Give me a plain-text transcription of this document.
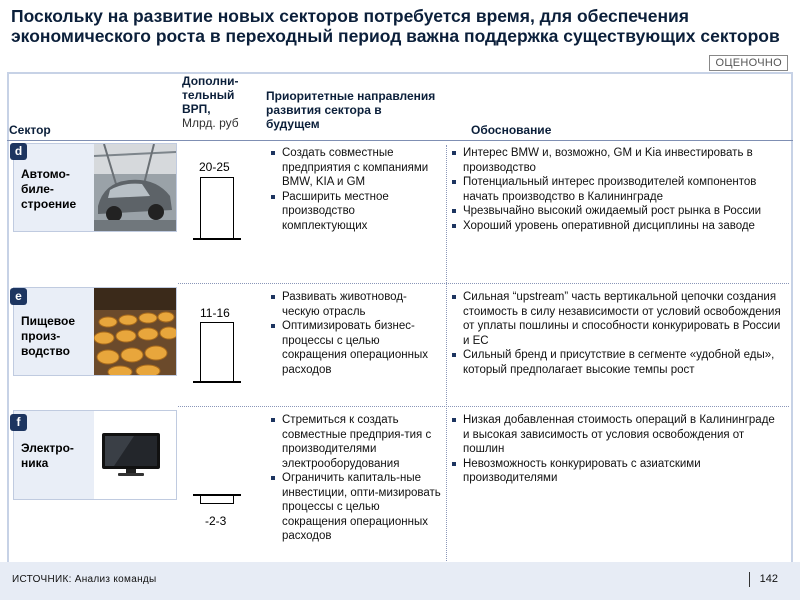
Поскольку на развитие новых секторов потребуется время, для обеспечения экономического роста в переходный период важна поддержка существующих секторов
ОЦЕНОЧНО
Сектор
Дополни-
тельный
ВРП,
Млрд. руб
Приоритетные направления
развития сектора в
будущем	Обоснование
Автомо-
биле-
строение
d
20-25
Создать совместные предприятия с компаниями BMW, KIA и GM
Расширить местное производство комплектующих
Интерес BMW и, возможно, GM и Kia инвестировать в производство
Потенциальный интерес производителей компонентов начать производство в Калининграде
Чрезвычайно высокий ожидаемый рост рынка в России
Хороший уровень оперативной дисциплины на заводе
Пищевое
произ-
водство
e
11-16
Развивать животновод-ческую отрасль
Оптимизировать бизнес-процессы с целью сокращения операционных расходов
Сильная “upstream” часть вертикальной цепочки создания стоимость в силу независимости от условий освобождения от уплаты пошлины и способности конкурировать в России и ЕС
Сильный бренд и присутствие в сегменте «удобной еды», который предполагает высокие темпы рост
Электро-
ника
f
-2-3
Стремиться к создать совместные предприя-тия с производителями электрооборудования
Ограничить капиталь-ные инвестиции, опти-мизировать процессы с целью сокращения операционных расходов
Низкая добавленная стоимость операций в Калининграде и высокая зависимость от условия освобождения от пошлин
Невозможность конкурировать с азиатскими производителями
ИСТОЧНИК: Анализ команды	142
